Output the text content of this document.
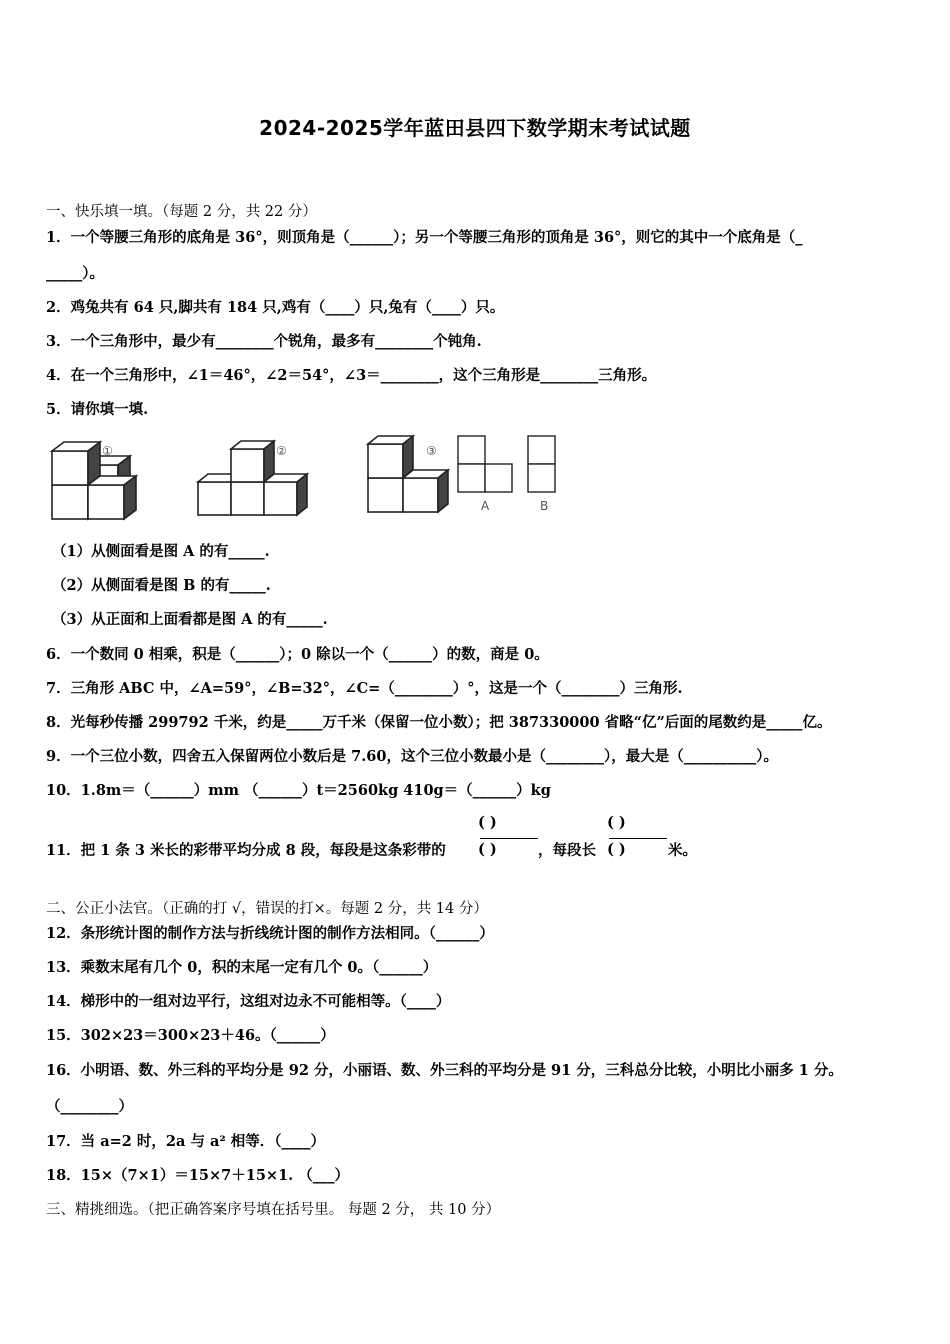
2024-2025学年蓝田县四下数学期末考试试题
一、快乐填一填。（每题 2 分，共 22 分）
1．一个等腰三角形的底角是 36°，则顶角是（______）；另一个等腰三角形的顶角是 36°，则它的其中一个底角是（_
_____）。
2．鸡兔共有 64 只,脚共有 184 只,鸡有（____）只,兔有（____）只。
3．一个三角形中，最少有________个锐角，最多有________个钝角.
4．在一个三角形中，∠1＝46°，∠2＝54°，∠3＝________，这个三角形是________三角形。
5．请你填一填.
①	②	③
A	B
（1）从侧面看是图 A 的有_____.
（2）从侧面看是图 B 的有_____.
（3）从正面和上面看都是图 A 的有_____.
6．一个数同 0 相乘，积是（______）；0 除以一个（______）的数，商是 0。
7．三角形 ABC 中，∠A=59°，∠B=32°，∠C=（________）°，这是一个（________）三角形.
8．光每秒传播 299792 千米，约是_____万千米（保留一位小数）；把 387330000 省略“亿”后面的尾数约是_____亿。
9．一个三位小数，四舍五入保留两位小数后是 7.60，这个三位小数最小是（________），最大是（__________）。
10．1.8m＝（______）mm （______）t＝2560kg 410g＝（______）kg
11．把 1 条 3 米长的彩带平均分成 8 段，每段是这条彩带的
( )
( )	，每段长
( )
( )	米。
二、公正小法官。（正确的打 √，错误的打×。每题 2 分，共 14 分）
12．条形统计图的制作方法与折线统计图的制作方法相同。（______）
13．乘数末尾有几个 0，积的末尾一定有几个 0。（______）
14．梯形中的一组对边平行，这组对边永不可能相等。（____）
15．302×23＝300×23＋46。（______）
16．小明语、数、外三科的平均分是 92 分，小丽语、数、外三科的平均分是 91 分，三科总分比较，小明比小丽多 1 分。
（________）
17．当 a=2 时，2a 与 a² 相等．（____）
18．15×（7×1）＝15×7＋15×1. （___）
三、精挑细选。（把正确答案序号填在括号里。 每题 2 分， 共 10 分）
